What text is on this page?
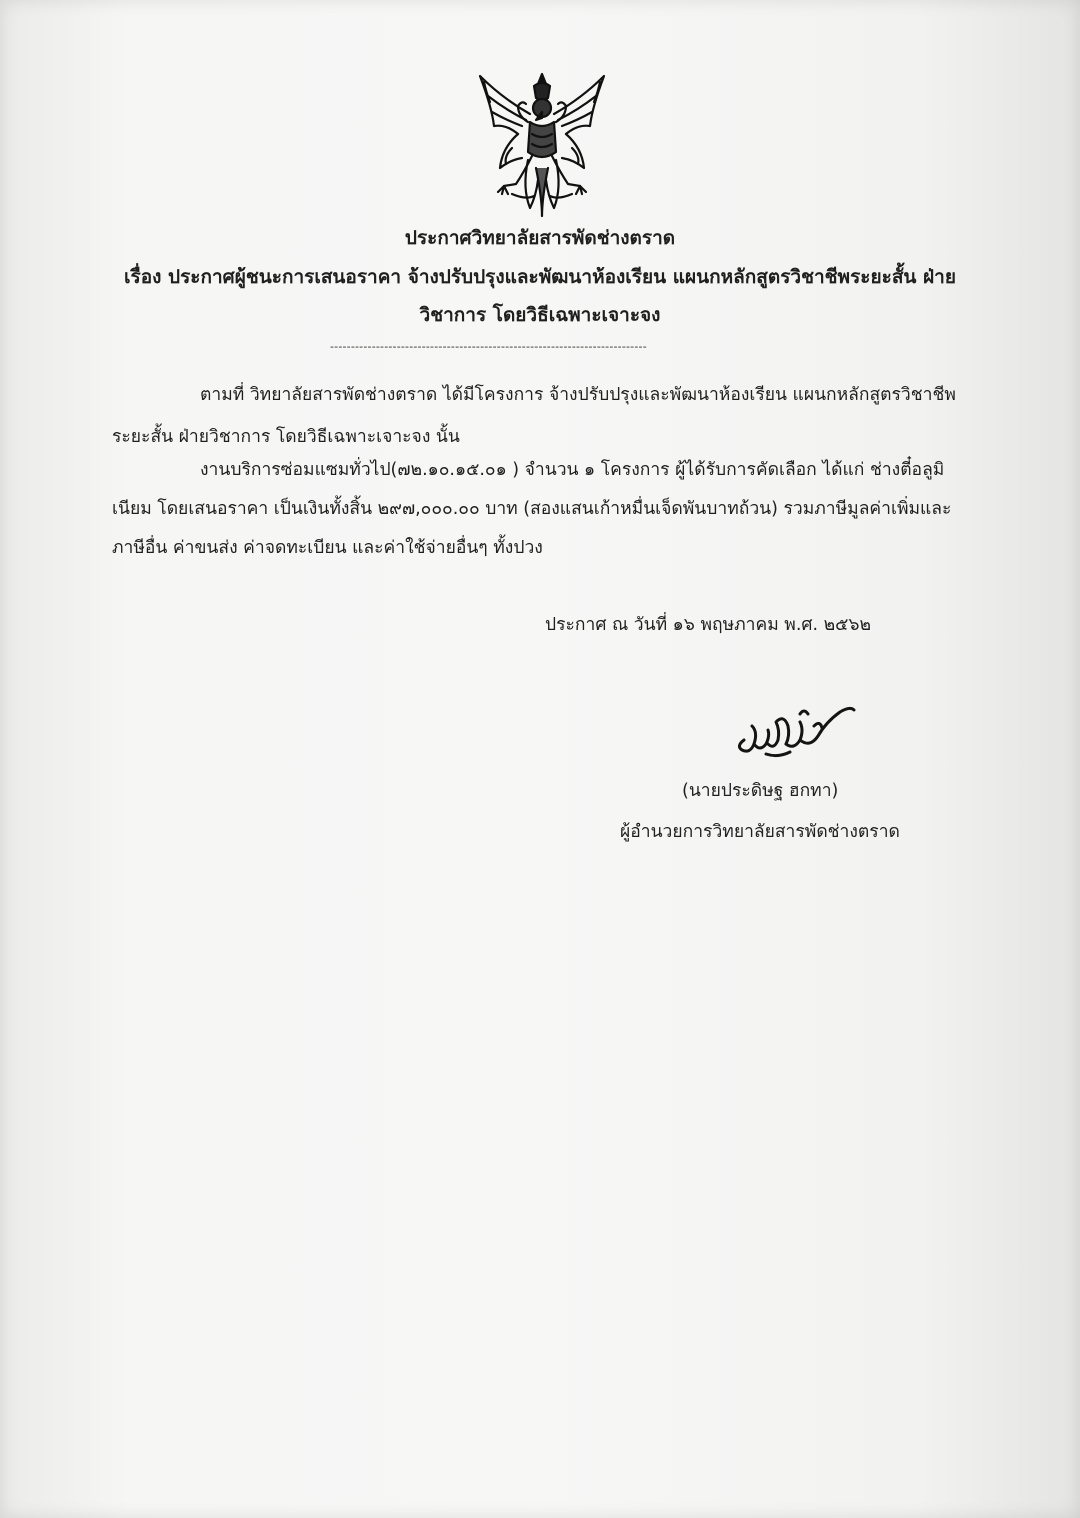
ประกาศวิทยาลัยสารพัดช่างตราด
เรื่อง ประกาศผู้ชนะการเสนอราคา จ้างปรับปรุงและพัฒนาห้องเรียน แผนกหลักสูตรวิชาชีพระยะสั้น ฝ่าย
วิชาการ โดยวิธีเฉพาะเจาะจง
----------------------------------------------------------------------------
ตามที่ วิทยาลัยสารพัดช่างตราด ได้มีโครงการ จ้างปรับปรุงและพัฒนาห้องเรียน แผนกหลักสูตรวิชาชีพ
ระยะสั้น ฝ่ายวิชาการ โดยวิธีเฉพาะเจาะจง นั้น
งานบริการซ่อมแซมทั่วไป(๗๒.๑๐.๑๕.๐๑ ) จำนวน ๑ โครงการ ผู้ได้รับการคัดเลือก ได้แก่ ช่างตี๋อลูมิ
เนียม โดยเสนอราคา เป็นเงินทั้งสิ้น ๒๙๗,๐๐๐.๐๐ บาท (สองแสนเก้าหมื่นเจ็ดพันบาทถ้วน) รวมภาษีมูลค่าเพิ่มและ
ภาษีอื่น ค่าขนส่ง ค่าจดทะเบียน และค่าใช้จ่ายอื่นๆ ทั้งปวง
ประกาศ ณ วันที่ ๑๖ พฤษภาคม พ.ศ. ๒๕๖๒
(นายประดิษฐ ฮกทา)
ผู้อำนวยการวิทยาลัยสารพัดช่างตราด
